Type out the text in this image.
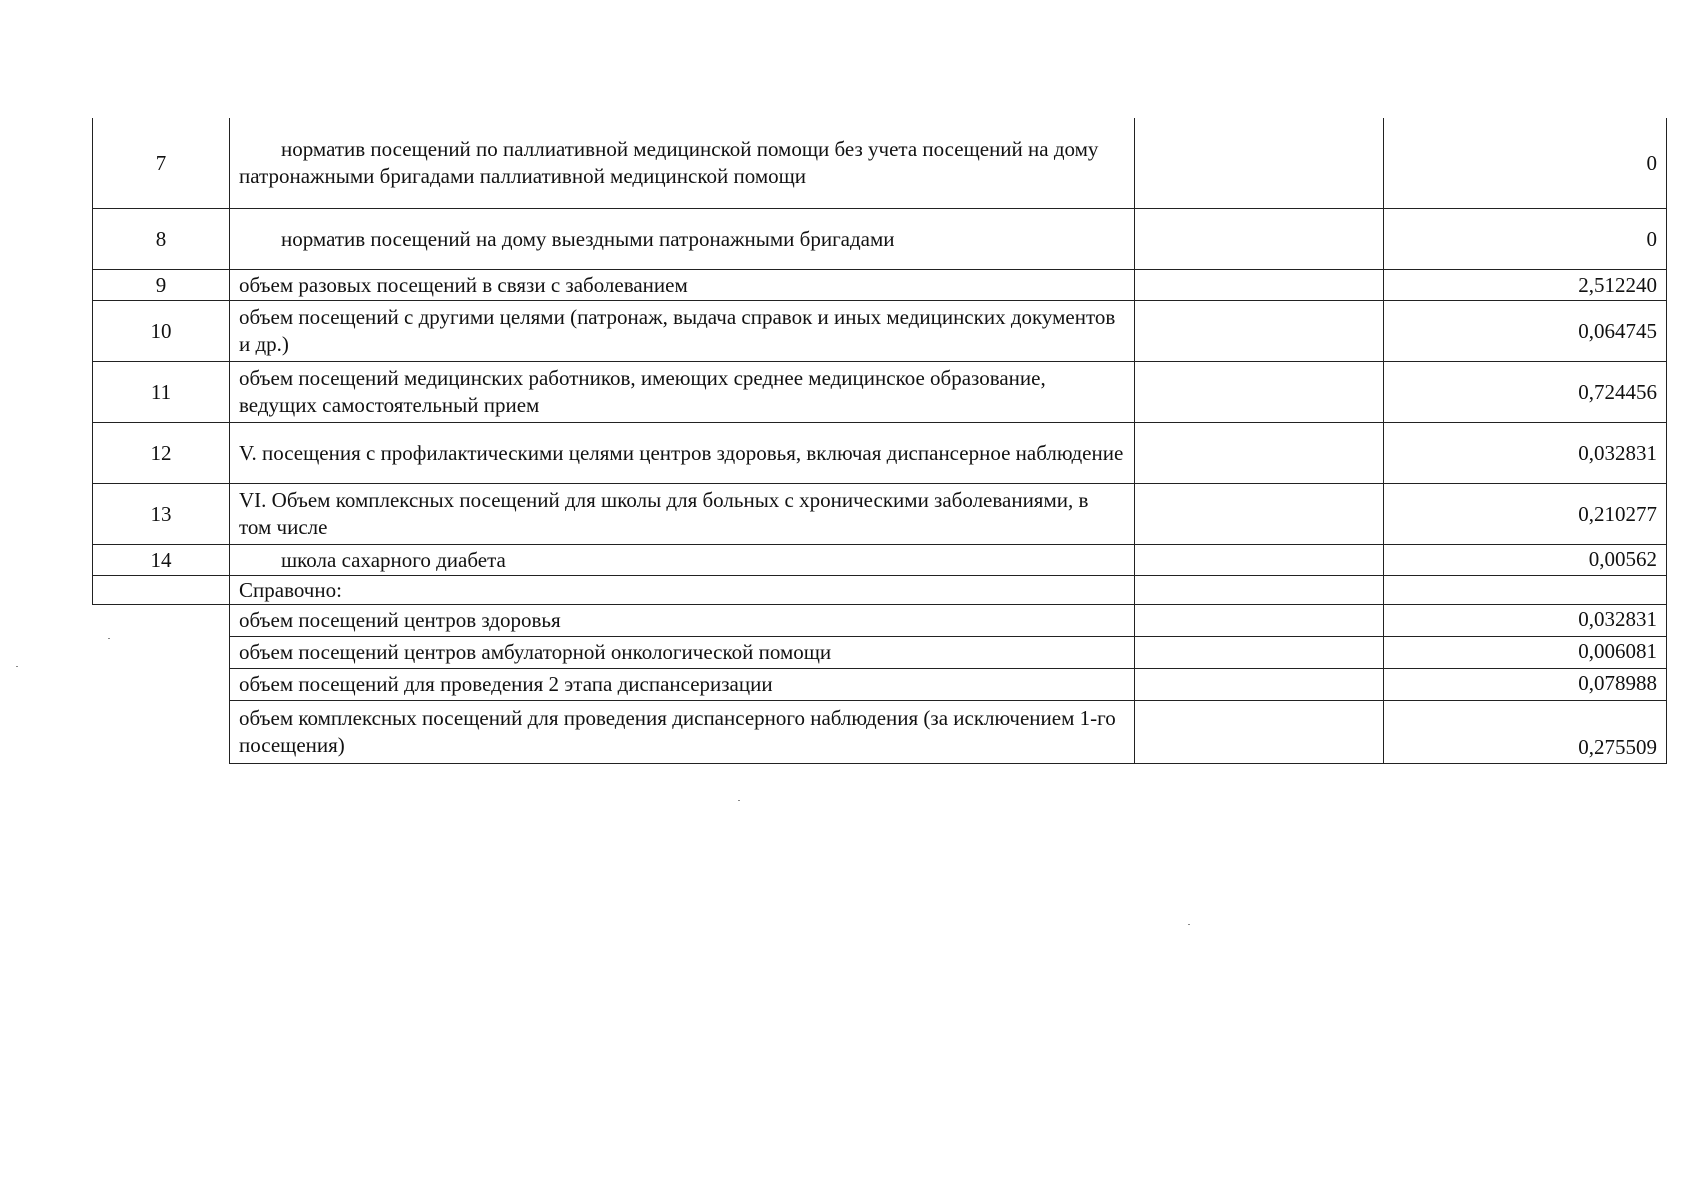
7	норматив посещений по паллиативной медицинской помощи без учета посещений на дому патронажными бригадами паллиативной медицинской помощи		0
8	норматив посещений на дому выездными патронажными бригадами		0
9	объем разовых посещений в связи с заболеванием		2,512240
10	объем посещений с другими целями (патронаж, выдача справок и иных медицинских документов и др.)		0,064745
11	объем посещений медицинских работников, имеющих среднее медицинское образование, ведущих самостоятельный прием		0,724456
12	V. посещения с профилактическими целями центров здоровья, включая диспансерное наблюдение		0,032831
13	VI. Объем комплексных посещений для школы для больных с хроническими заболеваниями, в том числе		0,210277
14	школа сахарного диабета		0,00562
	Справочно:		
	объем посещений центров здоровья		0,032831
	объем посещений центров амбулаторной онкологической помощи		0,006081
	объем посещений для проведения 2 этапа диспансеризации		0,078988
	объем комплексных посещений для проведения диспансерного наблюдения (за исключением 1-го посещения)		0,275509
